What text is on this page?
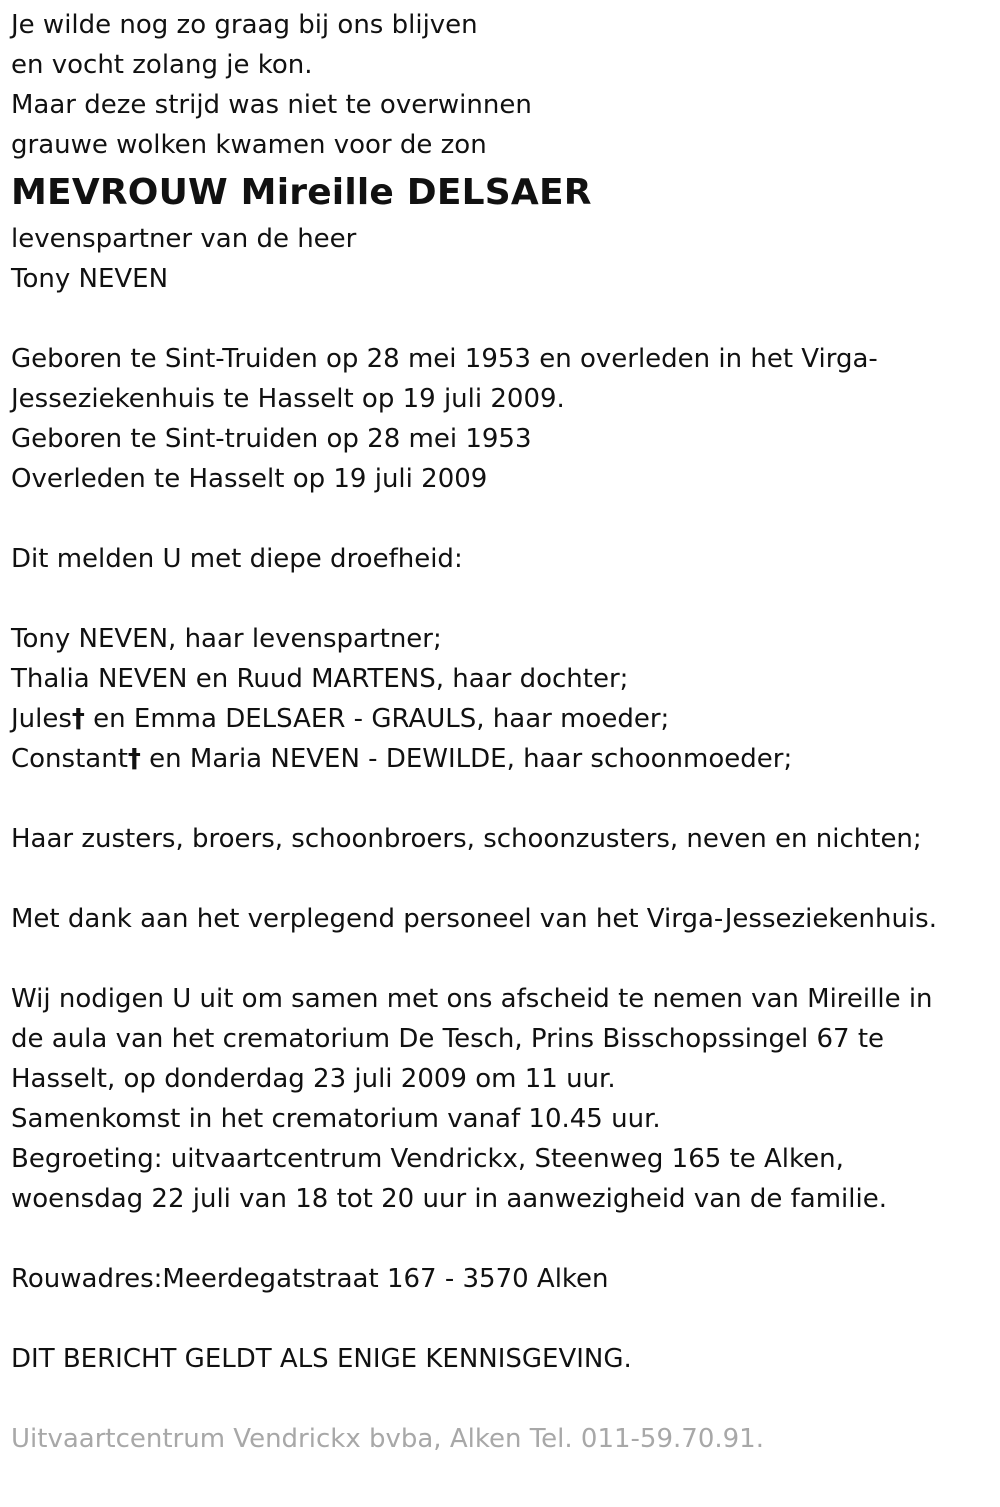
Je wilde nog zo graag bij ons blijven
en vocht zolang je kon.
Maar deze strijd was niet te overwinnen
grauwe wolken kwamen voor de zon
MEVROUW Mireille DELSAER
levenspartner van de heer
Tony NEVEN
Geboren te Sint-Truiden op 28 mei 1953 en overleden in het Virga-
Jesseziekenhuis te Hasselt op 19 juli 2009.
Geboren te Sint-truiden op 28 mei 1953
Overleden te Hasselt op 19 juli 2009
Dit melden U met diepe droefheid:
Tony NEVEN, haar levenspartner;
Thalia NEVEN en Ruud MARTENS, haar dochter;
Jules† en Emma DELSAER - GRAULS, haar moeder;
Constant† en Maria NEVEN - DEWILDE, haar schoonmoeder;
Haar zusters, broers, schoonbroers, schoonzusters, neven en nichten;
Met dank aan het verplegend personeel van het Virga-Jesseziekenhuis.
Wij nodigen U uit om samen met ons afscheid te nemen van Mireille in
de aula van het crematorium De Tesch, Prins Bisschopssingel 67 te
Hasselt, op donderdag 23 juli 2009 om 11 uur.
Samenkomst in het crematorium vanaf 10.45 uur.
Begroeting: uitvaartcentrum Vendrickx, Steenweg 165 te Alken,
woensdag 22 juli van 18 tot 20 uur in aanwezigheid van de familie.
Rouwadres:Meerdegatstraat 167 - 3570 Alken
DIT BERICHT GELDT ALS ENIGE KENNISGEVING.
Uitvaartcentrum Vendrickx bvba, Alken Tel. 011-59.70.91.
